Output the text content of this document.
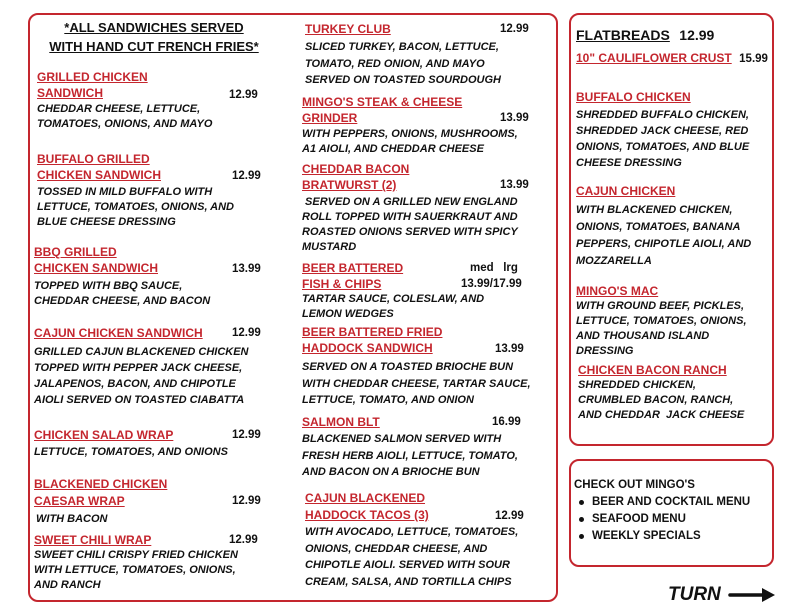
*ALL SANDWICHES SERVED
WITH HAND CUT FRENCH FRIES*
GRILLED CHICKEN
SANDWICH
CHEDDAR CHEESE, LETTUCE,
TOMATOES, ONIONS, AND MAYO
12.99
BUFFALO GRILLED
CHICKEN SANDWICH
TOSSED IN MILD BUFFALO WITH
LETTUCE, TOMATOES, ONIONS, AND
BLUE CHEESE DRESSING
12.99
BBQ GRILLED
CHICKEN SANDWICH
TOPPED WITH BBQ SAUCE,
CHEDDAR CHEESE, AND BACON
13.99
CAJUN CHICKEN SANDWICH
GRILLED CAJUN BLACKENED CHICKEN
TOPPED WITH PEPPER JACK CHEESE,
JALAPENOS, BACON, AND CHIPOTLE
AIOLI SERVED ON TOASTED CIABATTA
12.99
CHICKEN SALAD WRAP
LETTUCE, TOMATOES, AND ONIONS
12.99
BLACKENED CHICKEN
CAESAR WRAP
WITH BACON
12.99
SWEET CHILI WRAP
SWEET CHILI CRISPY FRIED CHICKEN
WITH LETTUCE, TOMATOES, ONIONS,
AND RANCH
12.99
TURKEY CLUB
SLICED TURKEY, BACON, LETTUCE,
TOMATO, RED ONION, AND MAYO
SERVED ON TOASTED SOURDOUGH
12.99
MINGO'S STEAK & CHEESE
GRINDER
WITH PEPPERS, ONIONS, MUSHROOMS,
A1 AIOLI, AND CHEDDAR CHEESE
13.99
CHEDDAR BACON
BRATWURST (2)
SERVED ON A GRILLED NEW ENGLAND
ROLL TOPPED WITH SAUERKRAUT AND
ROASTED ONIONS SERVED WITH SPICY
MUSTARD
13.99
BEER BATTERED
FISH & CHIPS
TARTAR SAUCE, COLESLAW, AND
LEMON WEDGES
med   lrg
13.99/17.99
BEER BATTERED FRIED
HADDOCK SANDWICH
SERVED ON A TOASTED BRIOCHE BUN
WITH CHEDDAR CHEESE, TARTAR SAUCE,
LETTUCE, TOMATO, AND ONION
13.99
SALMON BLT
BLACKENED SALMON SERVED WITH
FRESH HERB AIOLI, LETTUCE, TOMATO,
AND BACON ON A BRIOCHE BUN
16.99
CAJUN BLACKENED
HADDOCK TACOS (3)
WITH AVOCADO, LETTUCE, TOMATOES,
ONIONS, CHEDDAR CHEESE, AND
CHIPOTLE AIOLI. SERVED WITH SOUR
CREAM, SALSA, AND TORTILLA CHIPS
12.99
FLATBREADS 12.99
10" CAULIFLOWER CRUST 15.99
BUFFALO CHICKEN
SHREDDED BUFFALO CHICKEN,
SHREDDED JACK CHEESE, RED
ONIONS, TOMATOES, AND BLUE
CHEESE DRESSING
CAJUN CHICKEN
WITH BLACKENED CHICKEN,
ONIONS, TOMATOES, BANANA
PEPPERS, CHIPOTLE AIOLI, AND
MOZZARELLA
MINGO'S MAC
WITH GROUND BEEF, PICKLES,
LETTUCE, TOMATOES, ONIONS,
AND THOUSAND ISLAND
DRESSING
CHICKEN BACON RANCH
SHREDDED CHICKEN,
CRUMBLED BACON, RANCH,
AND CHEDDAR  JACK CHEESE
CHECK OUT MINGO'S
BEER AND COCKTAIL MENU
SEAFOOD MENU
WEEKLY SPECIALS
TURN
